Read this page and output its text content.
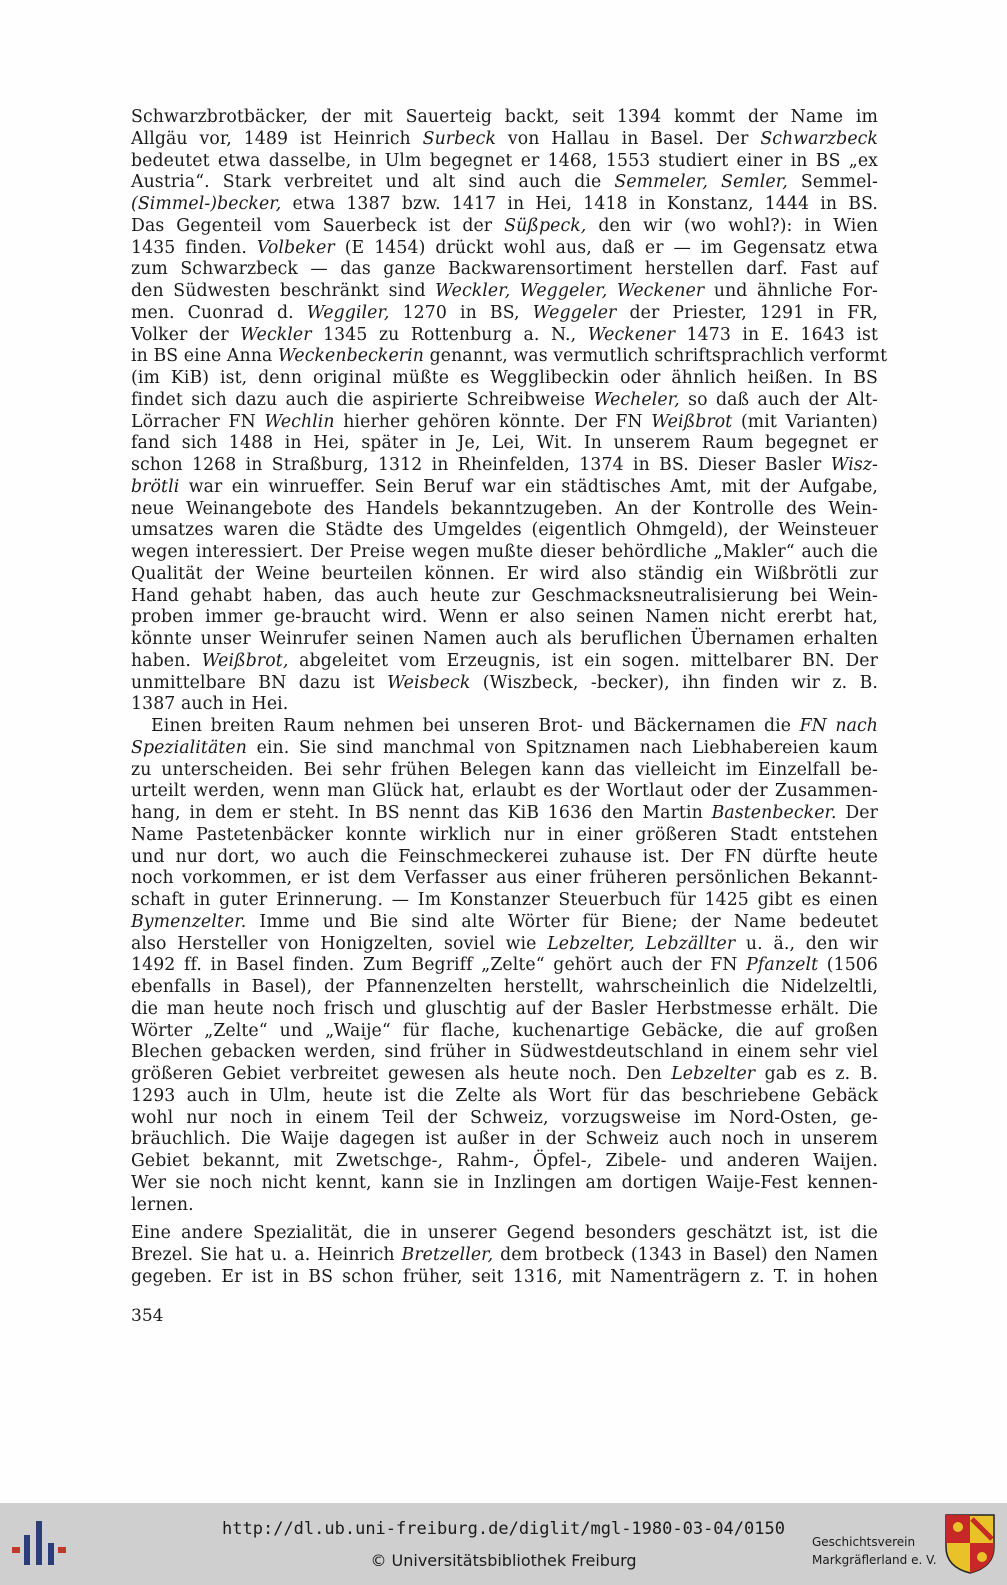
Schwarzbrotbäcker, der mit Sauerteig backt, seit 1394 kommt der Name im
Allgäu vor, 1489 ist Heinrich Surbeck von Hallau in Basel. Der Schwarzbeck
bedeutet etwa dasselbe, in Ulm begegnet er 1468, 1553 studiert einer in BS „ex
Austria“. Stark verbreitet und alt sind auch die Semmeler, Semler, Semmel-
(Simmel-)becker, etwa 1387 bzw. 1417 in Hei, 1418 in Konstanz, 1444 in BS.
Das Gegenteil vom Sauerbeck ist der Süßpeck, den wir (wo wohl?): in Wien
1435 finden. Volbeker (E 1454) drückt wohl aus, daß er — im Gegensatz etwa
zum Schwarzbeck — das ganze Backwarensortiment herstellen darf. Fast auf
den Südwesten beschränkt sind Weckler, Weggeler, Weckener und ähnliche For-
men. Cuonrad d. Weggiler, 1270 in BS, Weggeler der Priester, 1291 in FR,
Volker der Weckler 1345 zu Rottenburg a. N., Weckener 1473 in E. 1643 ist
in BS eine Anna Weckenbeckerin genannt, was vermutlich schriftsprachlich verformt
(im KiB) ist, denn original müßte es Wegglibeckin oder ähnlich heißen. In BS
findet sich dazu auch die aspirierte Schreibweise Wecheler, so daß auch der Alt-
Lörracher FN Wechlin hierher gehören könnte. Der FN Weißbrot (mit Varianten)
fand sich 1488 in Hei, später in Je, Lei, Wit. In unserem Raum begegnet er
schon 1268 in Straßburg, 1312 in Rheinfelden, 1374 in BS. Dieser Basler Wisz-
brötli war ein winrueffer. Sein Beruf war ein städtisches Amt, mit der Aufgabe,
neue Weinangebote des Handels bekanntzugeben. An der Kontrolle des Wein-
umsatzes waren die Städte des Umgeldes (eigentlich Ohmgeld), der Weinsteuer
wegen interessiert. Der Preise wegen mußte dieser behördliche „Makler“ auch die
Qualität der Weine beurteilen können. Er wird also ständig ein Wißbrötli zur
Hand gehabt haben, das auch heute zur Geschmacksneutralisierung bei Wein-
proben immer ge-braucht wird. Wenn er also seinen Namen nicht ererbt hat,
könnte unser Weinrufer seinen Namen auch als beruflichen Übernamen erhalten
haben. Weißbrot, abgeleitet vom Erzeugnis, ist ein sogen. mittelbarer BN. Der
unmittelbare BN dazu ist Weisbeck (Wiszbeck, -becker), ihn finden wir z. B.
1387 auch in Hei.
Einen breiten Raum nehmen bei unseren Brot- und Bäckernamen die FN nach
Spezialitäten ein. Sie sind manchmal von Spitznamen nach Liebhabereien kaum
zu unterscheiden. Bei sehr frühen Belegen kann das vielleicht im Einzelfall be-
urteilt werden, wenn man Glück hat, erlaubt es der Wortlaut oder der Zusammen-
hang, in dem er steht. In BS nennt das KiB 1636 den Martin Bastenbecker. Der
Name Pastetenbäcker konnte wirklich nur in einer größeren Stadt entstehen
und nur dort, wo auch die Feinschmeckerei zuhause ist. Der FN dürfte heute
noch vorkommen, er ist dem Verfasser aus einer früheren persönlichen Bekannt-
schaft in guter Erinnerung. — Im Konstanzer Steuerbuch für 1425 gibt es einen
Bymenzelter. Imme und Bie sind alte Wörter für Biene; der Name bedeutet
also Hersteller von Honigzelten, soviel wie Lebzelter, Lebzällter u. ä., den wir
1492 ff. in Basel finden. Zum Begriff „Zelte“ gehört auch der FN Pfanzelt (1506
ebenfalls in Basel), der Pfannenzelten herstellt, wahrscheinlich die Nidelzeltli,
die man heute noch frisch und gluschtig auf der Basler Herbstmesse erhält. Die
Wörter „Zelte“ und „Waije“ für flache, kuchenartige Gebäcke, die auf großen
Blechen gebacken werden, sind früher in Südwestdeutschland in einem sehr viel
größeren Gebiet verbreitet gewesen als heute noch. Den Lebzelter gab es z. B.
1293 auch in Ulm, heute ist die Zelte als Wort für das beschriebene Gebäck
wohl nur noch in einem Teil der Schweiz, vorzugsweise im Nord-Osten, ge-
bräuchlich. Die Waije dagegen ist außer in der Schweiz auch noch in unserem
Gebiet bekannt, mit Zwetschge-, Rahm-, Öpfel-, Zibele- und anderen Waijen.
Wer sie noch nicht kennt, kann sie in Inzlingen am dortigen Waije-Fest kennen-
lernen.
Eine andere Spezialität, die in unserer Gegend besonders geschätzt ist, ist die
Brezel. Sie hat u. a. Heinrich Bretzeller, dem brotbeck (1343 in Basel) den Namen
gegeben. Er ist in BS schon früher, seit 1316, mit Namenträgern z. T. in hohen
354
http://dl.ub.uni-freiburg.de/diglit/mgl-1980-03-04/0150
© Universitätsbibliothek Freiburg
Geschichtsverein
Markgräflerland e. V.
